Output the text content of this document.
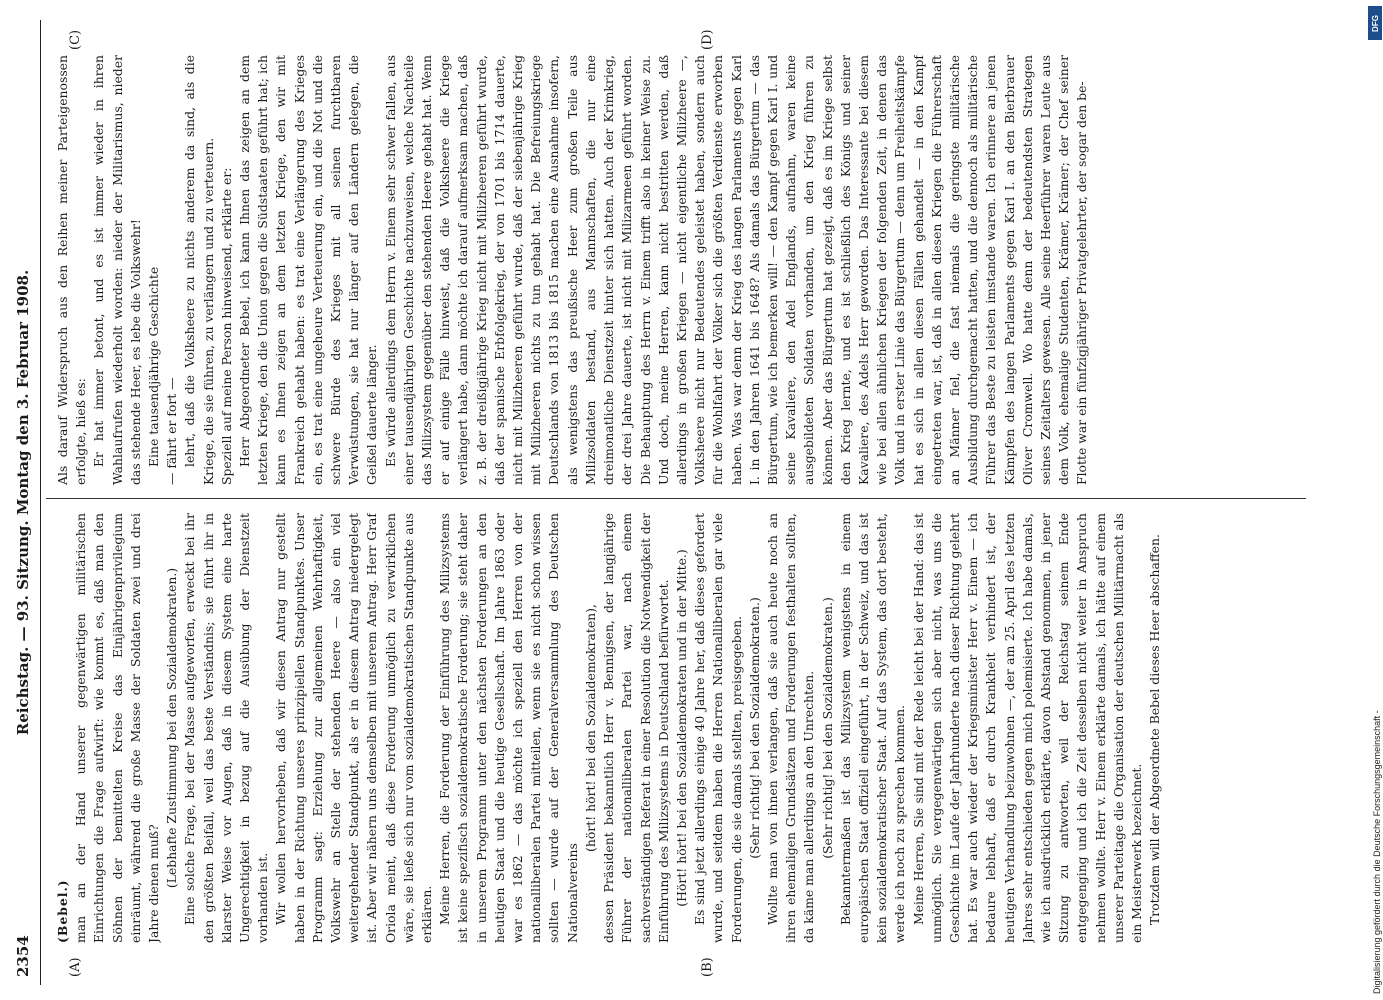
2354
Reichstag. — 93. Sitzung. Montag den 3. Februar 1908.
(A)	(B)
(C)	(D)

(Bebel.) man an der Hand unserer gegenwärtigen militärischen Einrichtungen die Frage aufwirft: wie kommt es, daß man den Söhnen der bemittelten Kreise das Einjährigenprivilegium einräumt, während die große Masse der Soldaten zwei und drei Jahre dienen muß? (Lebhafte Zustimmung bei den Sozialdemokraten.) Eine solche Frage, bei der Masse aufgeworfen, erweckt bei ihr den größten Beifall, weil das beste Verständnis; sie führt ihr in klarster Weise vor Augen, daß in diesem System eine harte Ungerechtigkeit in bezug auf die Ausübung der Dienstzeit vorhanden ist. Wir wollen hervorheben, daß wir diesen Antrag nur gestellt haben in der Richtung unseres prinzipiellen Standpunktes. Unser Programm sagt: Erziehung zur allgemeinen Wehrhaftigkeit, Volkswehr an Stelle der stehenden Heere — also ein viel weitergehender Standpunkt, als er in diesem Antrag niedergelegt ist. Aber wir nähern uns demselben mit unserem Antrag. Herr Graf Oriola meint, daß diese Forderung unmöglich zu verwirklichen wäre, sie ließe sich nur vom sozialdemokratischen Standpunkte aus erklären. Meine Herren, die Forderung der Einführung des Milizsystems ist keine spezifisch sozialdemokratische Forderung; sie steht daher in unserem Programm unter den nächsten Forderungen an den heutigen Staat und die heutige Gesellschaft. Im Jahre 1863 oder war es 1862 — das möchte ich speziell den Herren von der nationalliberalen Partei mitteilen, wenn sie es nicht schon wissen sollten — wurde auf der Generalversammlung des Deutschen Nationalvereins

(hört! hört! bei den Sozialdemokraten), dessen Präsident bekanntlich Herr v. Bennigsen, der langjährige Führer der nationalliberalen Partei war, nach einem sachverständigen Referat in einer Resolution die Notwendigkeit der Einführung des Milizsystems in Deutschland befürwortet. (Hört! hört! bei den Sozialdemokraten und in der Mitte.) Es sind jetzt allerdings einige 40 Jahre her, daß dieses gefordert wurde, und seitdem haben die Herren Nationalliberalen gar viele Forderungen, die sie damals stellten, preisgegeben. (Sehr richtig! bei den Sozialdemokraten.) Wollte man von ihnen verlangen, daß sie auch heute noch an ihren ehemaligen Grundsätzen und Forderungen festhalten sollten, da käme man allerdings an den Unrechten. (Sehr richtig! bei den Sozialdemokraten.) Bekanntermaßen ist das Milizsystem wenigstens in einem europäischen Staat offiziell eingeführt, in der Schweiz, und das ist kein sozialdemokratischer Staat. Auf das System, das dort besteht, werde ich noch zu sprechen kommen. Meine Herren, Sie sind mit der Rede leicht bei der Hand: das ist unmöglich. Sie vergegenwärtigen sich aber nicht, was uns die Geschichte im Laufe der Jahrhunderte nach dieser Richtung gelehrt hat. Es war auch wieder der Kriegsminister Herr v. Einem — ich bedaure lebhaft, daß er durch Krankheit verhindert ist, der heutigen Verhandlung beizuwohnen —, der am 25. April des letzten Jahres sehr entschieden gegen mich polemisierte. Ich habe damals, wie ich ausdrücklich erklärte, davon Abstand genommen, in jener Sitzung zu antworten, weil der Reichstag seinem Ende entgegenging und ich die Zeit desselben nicht weiter in Anspruch nehmen wollte. Herr v. Einem erklärte damals, ich hätte auf einem unserer Parteitage die Organisation der deutschen Militärmacht als ein Meisterwerk bezeichnet. Trotzdem will der Abgeordnete Bebel dieses Heer abschaffen.

Als darauf Widerspruch aus den Reihen meiner Parteigenossen erfolgte, hieß es: Er hat immer betont, und es ist immer wieder in ihren Wahlaufrufen wiederholt worden: nieder der Militarismus, nieder das stehende Heer, es lebe die Volkswehr! Eine tausendjährige Geschichte — fährt er fort — lehrt, daß die Volksheere zu nichts anderem da sind, als die Kriege, die sie führen, zu verlängern und zu verteuern. Speziell auf meine Person hinweisend, erklärte er: Herr Abgeordneter Bebel, ich kann Ihnen das zeigen an dem letzten Kriege, den die Union gegen die Südstaaten geführt hat; ich kann es Ihnen zeigen an dem letzten Kriege, den wir mit Frankreich gehabt haben: es trat eine Verlängerung des Krieges ein, es trat eine ungeheure Verteuerung ein, und die Not und die schwere Bürde des Krieges mit all seinen furchtbaren Verwüstungen, sie hat nur länger auf den Ländern gelegen, die Geißel dauerte länger. Es würde allerdings dem Herrn v. Einem sehr schwer fallen, aus einer tausendjährigen Geschichte nachzuweisen, welche Nachteile das Milizsystem gegenüber den stehenden Heere gehabt hat. Wenn er auf einige Fälle hinweist, daß die Volksheere die Kriege verlängert habe, dann möchte ich darauf aufmerksam machen, daß z. B. der dreißigjährige Krieg nicht mit Milizheeren geführt wurde, daß der spanische Erbfolgekrieg, der von 1701 bis 1714 dauerte, nicht mit Milizheeren geführt wurde, daß der siebenjährige Krieg mit Milizheeren nichts zu tun gehabt hat. Die Befreiungskriege Deutschlands von 1813 bis 1815 machen eine Ausnahme insofern, als wenigstens das preußische Heer zum großen Teile aus Milizsoldaten bestand, aus Mannschaften, die nur eine dreimonatliche Dienstzeit hinter sich hatten. Auch der Krimkrieg, der drei Jahre dauerte, ist nicht mit Milizarmeen geführt worden. Die Behauptung des Herrn v. Einem trifft also in keiner Weise zu. Und doch, meine Herren, kann nicht bestritten werden, daß allerdings in großen Kriegen — nicht eigentliche Milizheere —, Volksheere nicht nur Bedeutendes geleistet haben, sondern auch für die Wohlfahrt der Völker sich die größten Verdienste erworben haben. Was war denn der Krieg des langen Parlaments gegen Karl I. in den Jahren 1641 bis 1648? Als damals das Bürgertum — das Bürgertum, wie ich bemerken will! — den Kampf gegen Karl I. und seine Kavaliere, den Adel Englands, aufnahm, waren keine ausgebildeten Soldaten vorhanden, um den Krieg führen zu können. Aber das Bürgertum hat gezeigt, daß es im Kriege selbst den Krieg lernte, und es ist schließlich des Königs und seiner Kavaliere, des Adels Herr geworden. Das Interessante bei diesem wie bei allen ähnlichen Kriegen der folgenden Zeit, in denen das Volk und in erster Linie das Bürgertum — denn um Freiheitskämpfe hat es sich in allen diesen Fällen gehandelt — in den Kampf eingetreten war, ist, daß in allen diesen Kriegen die Führerschaft an Männer fiel, die fast niemals die geringste militärische Ausbildung durchgemacht hatten, und die dennoch als militärische Führer das Beste zu leisten imstande waren. Ich erinnere an jenen Kämpfen des langen Parlaments gegen Karl I. an den Bierbrauer Oliver Cromwell. Wo hatte denn der bedeutendsten Strategen seines Zeitalters gewesen. Alle seine Heerführer waren Leute aus dem Volk, ehemalige Studenten, Krämer, Krämer; der Chef seiner Flotte war ein fünfzigjähriger Privatgelehrter, der sogar den be-

DFG
Digitalisierung gefördert durch die Deutsche Forschungsgemeinschaft -
